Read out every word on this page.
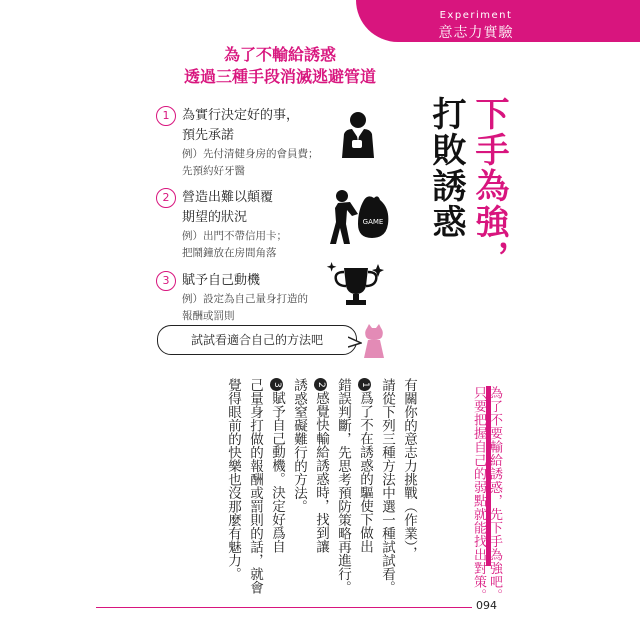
Experiment
意志力實驗
為了不輸給誘惑
透過三種手段消滅逃避管道
下手為強，
打敗誘惑
1 為實行決定好的事，
預先承諾
例）先付清健身房的會員費；
先預約好牙醫
2 營造出難以顛覆
期望的狀況
例）出門不帶信用卡；
把鬧鐘放在房間角落
3 賦予自己動機
例）設定為自己量身打造的
報酬或罰則
GAME
試試看適合自己的方法吧
為了不要輸給誘惑，先下手為強吧。
只要把握自己的弱點就能找出對策。
有關你的意志力挑戰（作業），
請從下列三種方法中選一種試試看。
1爲了不在誘惑的驅使下做出
錯誤判斷，先思考預防策略再進行。
2感覺快輸給誘惑時，找到讓
誘惑窒礙難行的方法。
3賦予自己動機。決定好爲自
己量身打做的報酬或罰則的話，就會
覺得眼前的快樂也沒那麼有魅力。
094
